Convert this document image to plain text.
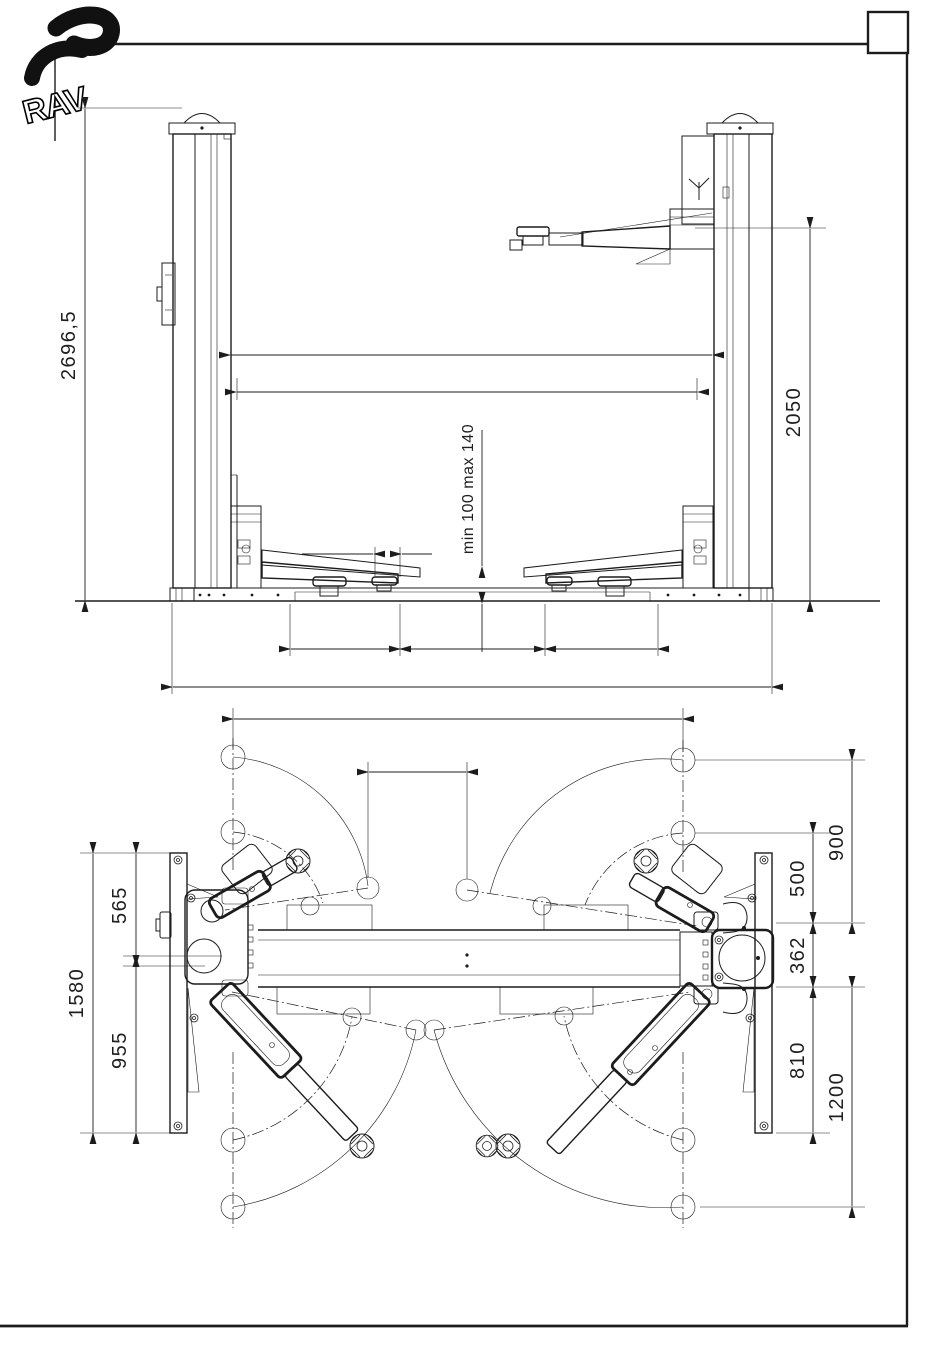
RAV
2696,5
2050
min 100 max 140
900
500
362
810
1200
1580
565
955
